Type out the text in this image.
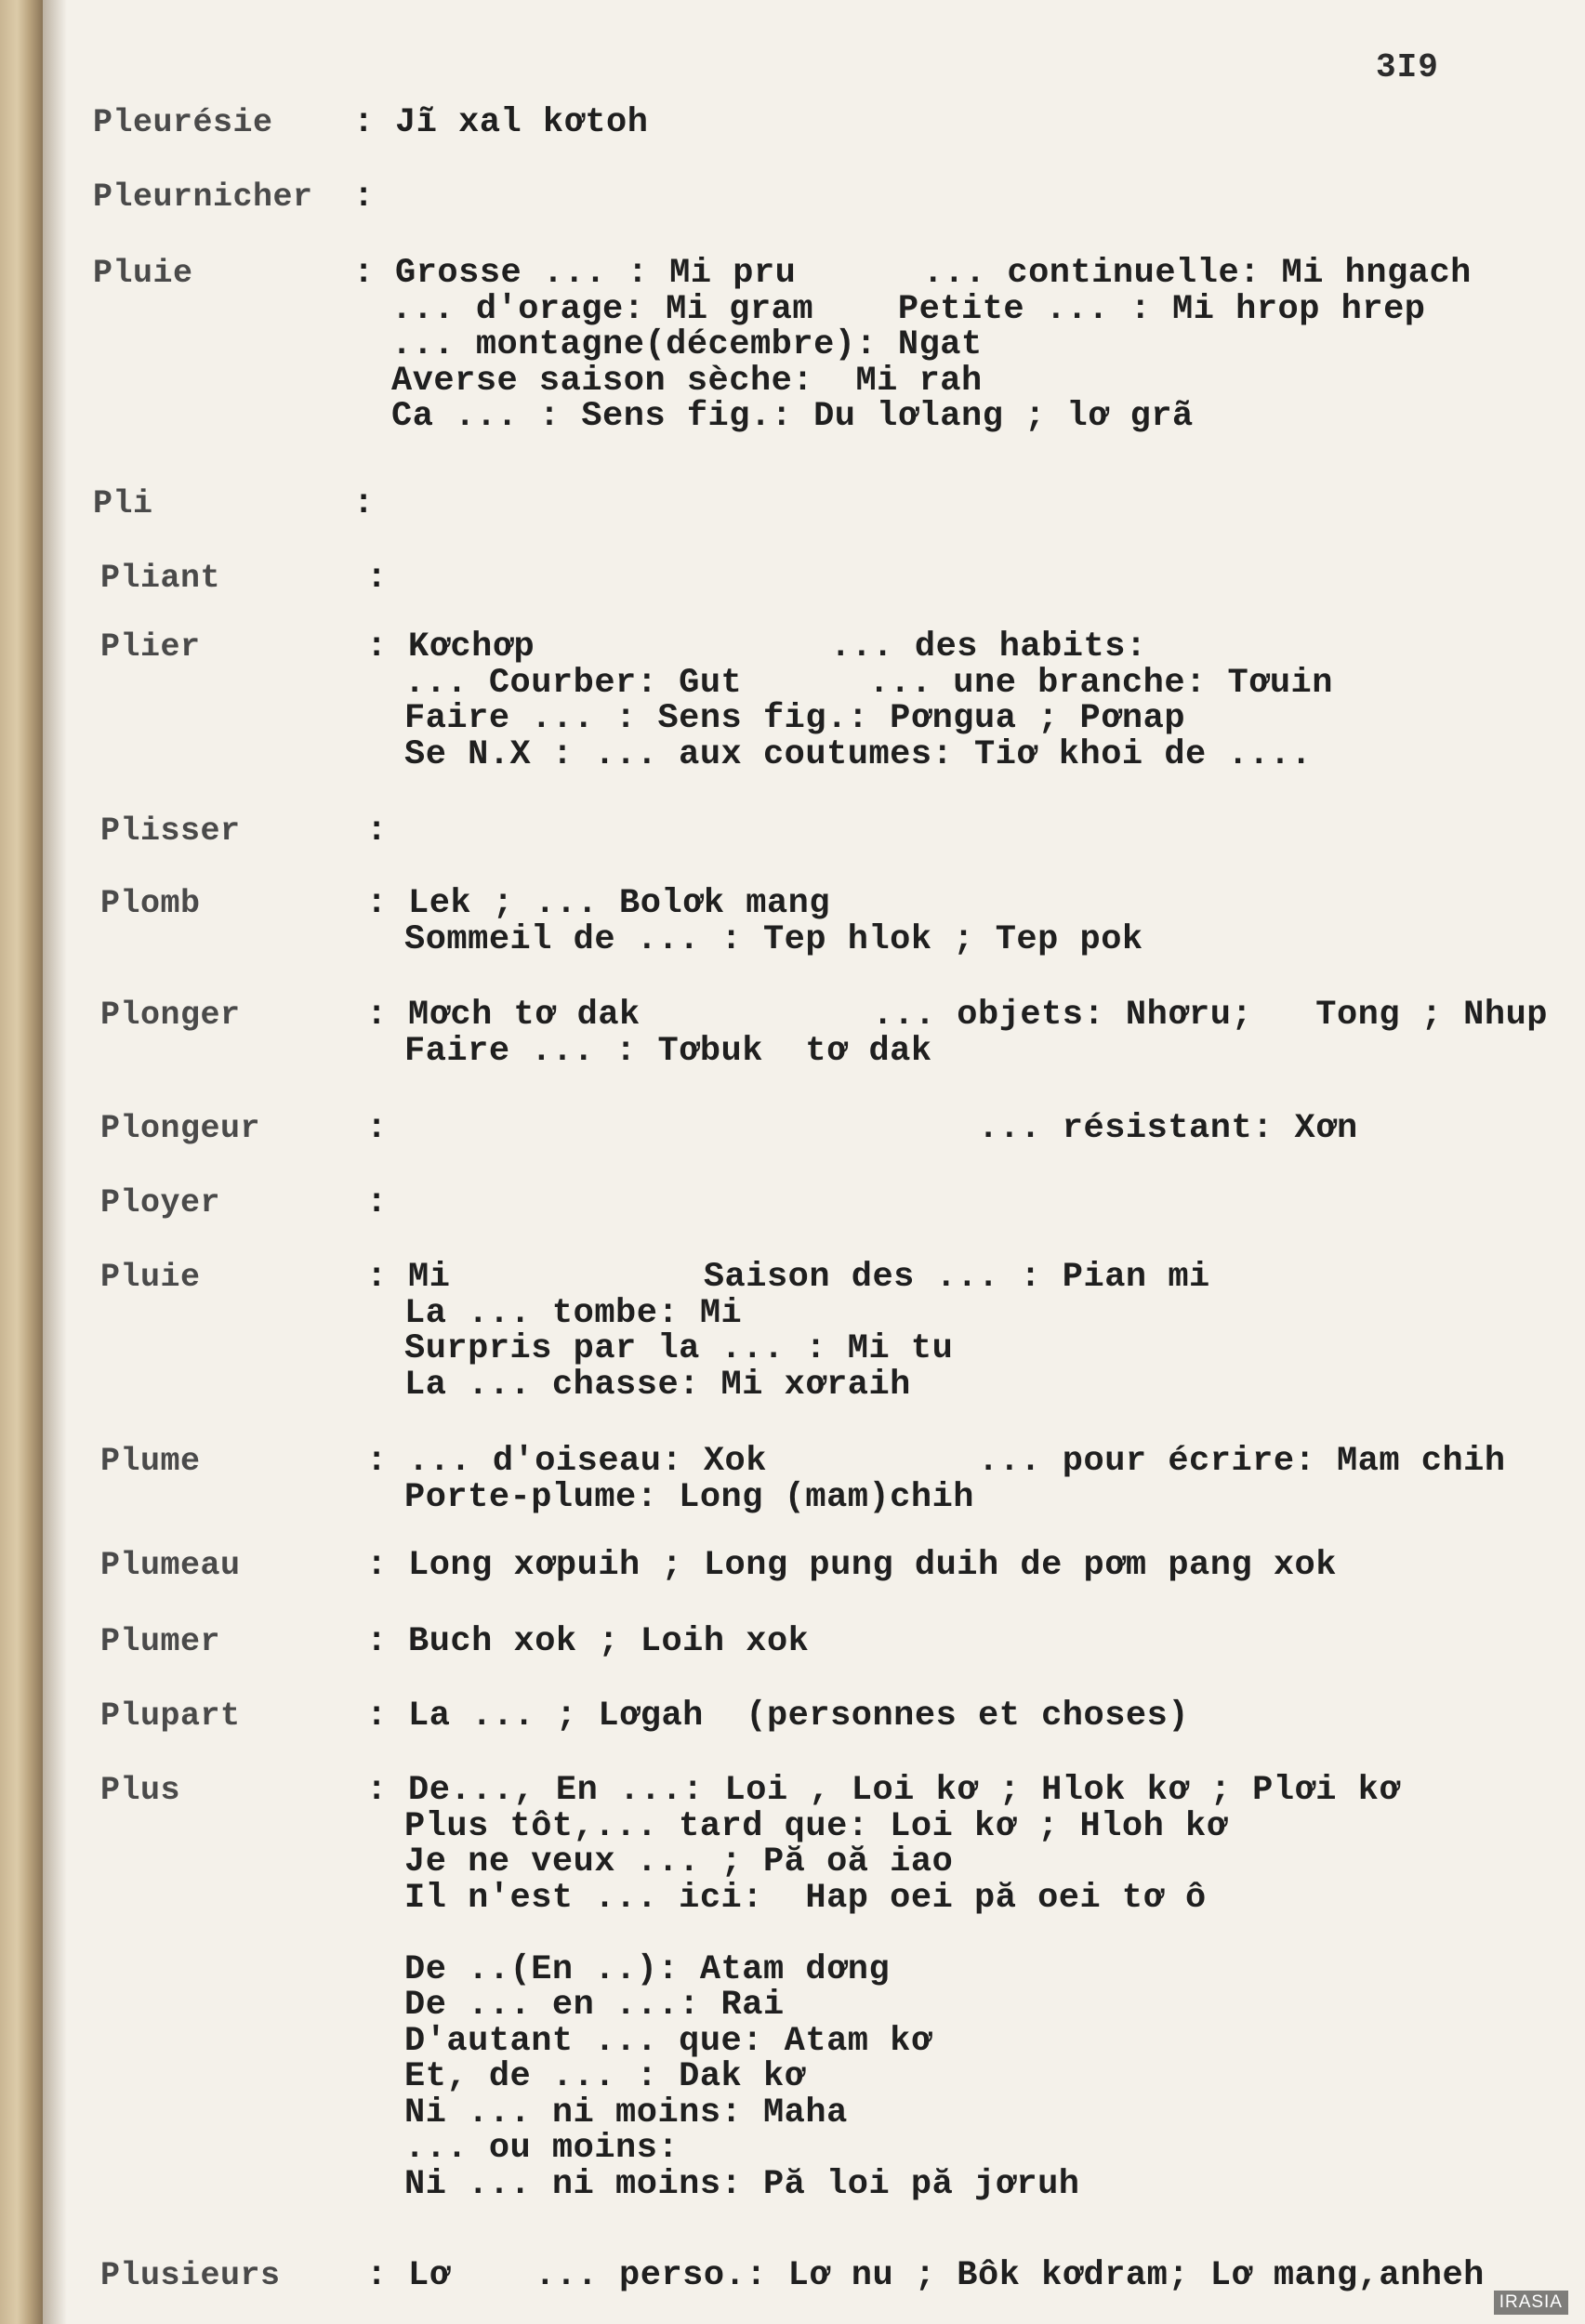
3I9
Pleurésie : Jĩ xal kơtoh
Pleurnicher :
Pluie	: Grosse ... : Mi pru      ... continuelle: Mi hngach
... d'orage: Mi gram    Petite ... : Mi hrop hrep
... montagne(décembre): Ngat
Averse saison sèche:  Mi rah
Ca ... : Sens fig.: Du lơlang ; lơ grã
Pli	:
Pliant	:
Plier	: Kơchơp              ... des habits:
... Courber: Gut      ... une branche: Tơuin
Faire ... : Sens fig.: Pơngua ; Pơnap
Se N.X : ... aux coutumes: Tiơ khoi de ....
Plisser	:
Plomb	: Lek ; ... Bolơk mang
Sommeil de ... : Tep hlok ; Tep pok
Plonger	: Mơch tơ dak           ... objets: Nhơru;   Tong ; Nhup
Faire ... : Tơbuk  tơ dak
Plongeur	: ... résistant: Xơn
Ployer	:
Pluie	: Mi            Saison des ... : Pian mi
La ... tombe: Mi
Surpris par la ... : Mi tu
La ... chasse: Mi xơraih
Plume	: ... d'oiseau: Xok          ... pour écrire: Mam chih
Porte-plume: Long (mam)chih
Plumeau	: Long xơpuih ; Long pung duih de pơm pang xok
Plumer	: Buch xok ; Loih xok
Plupart	: La ... ; Lơgah  (personnes et choses)
Plus	: De..., En ...: Loi , Loi kơ ; Hlok kơ ; Plơi kơ
Plus tôt,... tard que: Loi kơ ; Hloh kơ
Je ne veux ... ; Pă oă iao
Il n'est ... ici:  Hap oei pă oei tơ ô
De ..(En ..): Atam dơng
De ... en ...: Rai
D'autant ... que: Atam kơ
Et, de ... : Dak kơ
Ni ... ni moins: Maha
... ou moins:
Ni ... ni moins: Pă loi pă jơruh
Plusieurs : Lơ    ... perso.: Lơ nu ; Bôk kơdram; Lơ mang,anheh
IRASIA
